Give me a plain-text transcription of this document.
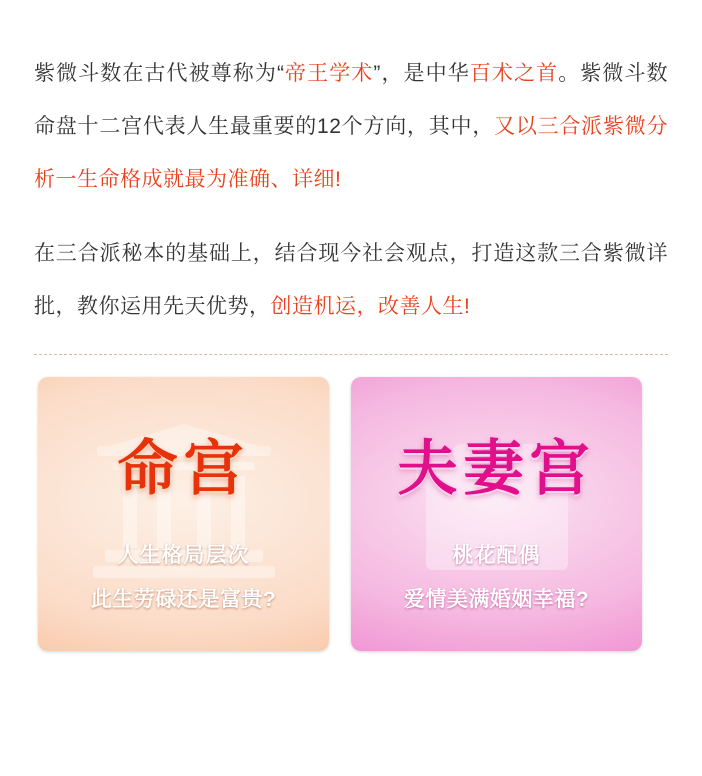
紫微斗数在古代被尊称为“帝王学术”，是中华百术之首。紫微斗数命盘十二宫代表人生最重要的12个方向，其中，又以三合派紫微分析一生命格成就最为准确、详细!

在三合派秘本的基础上，结合现今社会观点，打造这款三合紫微详批，教你运用先天优势，创造机运，改善人生!

命宫
人生格局层次
此生劳碌还是富贵?
夫妻宫
桃花配偶
爱情美满婚姻幸福?
